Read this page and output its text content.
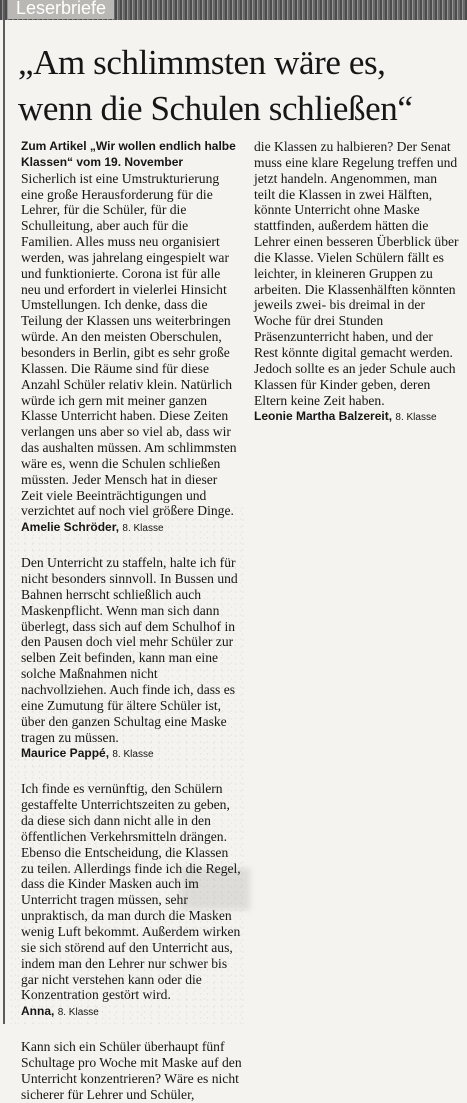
Leserbriefe
„Am schlimmsten wäre es,
wenn die Schulen schließen“

Zum Artikel „Wir wollen endlich halbe Klassen“ vom 19. November
Sicherlich ist eine Umstrukturierung eine große Herausforderung für die Lehrer, für die Schüler, für die Schulleitung, aber auch für die Familien. Alles muss neu organisiert werden, was jahrelang eingespielt war und funktionierte. Corona ist für alle neu und erfordert in vielerlei Hinsicht Umstellungen. Ich denke, dass die Teilung der Klassen uns weiterbringen würde. An den meisten Oberschulen, besonders in Berlin, gibt es sehr große Klassen. Die Räume sind für diese Anzahl Schüler relativ klein. Natürlich würde ich gern mit meiner ganzen Klasse Unterricht haben. Diese Zeiten verlangen uns aber so viel ab, dass wir das aushalten müssen. Am schlimmsten wäre es, wenn die Schulen schließen müssten. Jeder Mensch hat in dieser Zeit viele Beeinträchtigungen und verzichtet auf noch viel größere Dinge.

Amelie Schröder, 8. Klasse

Den Unterricht zu staffeln, halte ich für nicht besonders sinnvoll. In Bussen und Bahnen herrscht schließlich auch Maskenpflicht. Wenn man sich dann überlegt, dass sich auf dem Schulhof in den Pausen doch viel mehr Schüler zur selben Zeit befinden, kann man eine solche Maßnahmen nicht nachvollziehen. Auch finde ich, dass es eine Zumutung für ältere Schüler ist, über den ganzen Schultag eine Maske tragen zu müssen.

Maurice Pappé, 8. Klasse

Ich finde es vernünftig, den Schülern gestaffelte Unterrichtszeiten zu geben, da diese sich dann nicht alle in den öffentlichen Verkehrsmitteln drängen. Ebenso die Entscheidung, die Klassen zu teilen. Allerdings finde ich die Regel, dass die Kinder Masken auch im Unterricht tragen müssen, sehr unpraktisch, da man durch die Masken wenig Luft bekommt. Außerdem wirken sie sich störend auf den Unterricht aus, indem man den Lehrer nur schwer bis gar nicht verstehen kann oder die Konzentration gestört wird.

Anna, 8. Klasse

Kann sich ein Schüler überhaupt fünf Schultage pro Woche mit Maske auf den Unterricht konzentrieren? Wäre es nicht sicherer für Lehrer und Schüler,

die Klassen zu halbieren? Der Senat muss eine klare Regelung treffen und jetzt handeln. Angenommen, man teilt die Klassen in zwei Hälften, könnte Unterricht ohne Maske stattfinden, außerdem hätten die Lehrer einen besseren Überblick über die Klasse. Vielen Schülern fällt es leichter, in kleineren Gruppen zu arbeiten. Die Klassenhälften könnten jeweils zwei- bis dreimal in der Woche für drei Stunden Präsenzunterricht haben, und der Rest könnte digital gemacht werden. Jedoch sollte es an jeder Schule auch Klassen für Kinder geben, deren Eltern keine Zeit haben.

Leonie Martha Balzereit, 8. Klasse
